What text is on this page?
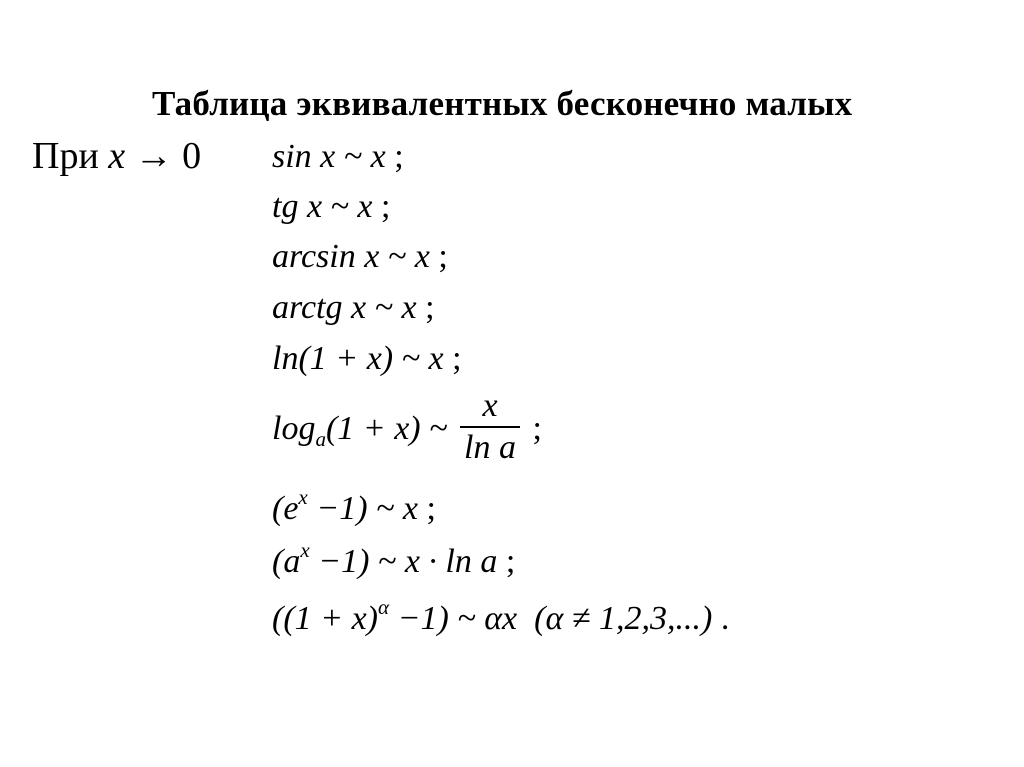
Таблица эквивалентных бесконечно малых
При x → 0 sin x ~ x ;
tg x ~ x ;
arcsin x ~ x ;
arctg x ~ x ;
ln(1 + x) ~ x ;
$\log_a(1 + x)$ ~ $\frac{x}{\text{ln a}}$ ;
$(e^x -1)$ ~ x ;
$(a^x -1)$ ~ x · ln a ;
$((1 + x)^\alpha -1)$ ~ αx (α ≠ 1,2,3,...) .
